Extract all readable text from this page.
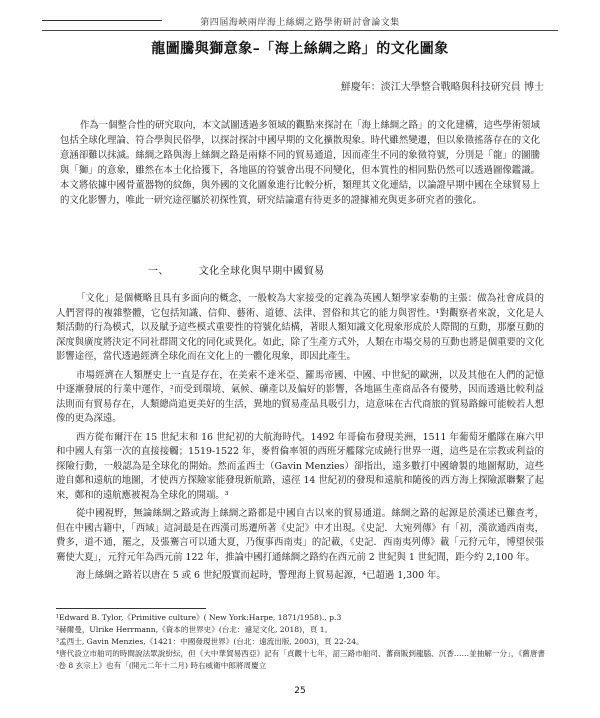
第四屆海峽兩岸海上絲綢之路學術研討會論文集
龍圖騰與獅意象–「海上絲綢之路」的文化圖象
鮮慶年：淡江大學整合戰略與科技研究員 博士

作為一個整合性的研究取向，本文試圖透過多領域的觀點來探討在「海上絲綢之路」的文化建構，這些學術領域包括全球化理論、符合學與民俗學，以探討探討中國早期的文化擴散現象。時代雖然變遷，但以象徵搖落存在的文化意涵卻難以抹滅。絲綢之路與海上絲綢之路是兩條不同的貿易通道，因而產生不同的象徵符號，分別是「龍」的圖騰與「獅」的意象，雖然在本土化拾獲下，各地區的符號會出現不同變化，但本質性的相同點仍然可以透過圖像鑑識。本文將依據中國骨董器物的紋飾，與外國的文化圖象進行比較分析，類理其文化連結，以論證早期中國在全球貿易上的文化影響力，唯此一研究途徑屬於初探性質，研究結論還有待更多的證據補充與更多研究者的強化。

一、	文化全球化與早期中國貿易

「文化」是個概略且具有多面向的概念，一般較為大家接受的定義為英國人類學家泰勒的主張：做為社會成員的人們習得的複雜整體，它包括知識、信仰、藝術、道德、法律、習俗和其它的能力與習性。¹對觀察者來說，文化是人類活動的行為模式，以及賦予這些模式重要性的符號化結構，著眼人類知識文化現象形成於人際間的互動，那麼互動的深度與廣度將決定不同社群間文化的同化或異化。如此，除了生產方式外，人類在市場交易的互動也將是個重要的文化影響途徑，當代透過經濟全球化而在文化上的一體化現象，即因此產生。

市場經濟在人類歷史上一直是存在，在美索不達米亞、羅馬帝國、中國、中世紀的歐洲，以及其他在人們的記憶中逐漸發展的行業中運作，²而受到環境、氣候、礦產以及偏好的影響，各地區生產商品各有優勢，因而透過比較利益法則而有貿易存在，人類總尚追更美好的生活，異地的貿易產品具吸引力，這意味在古代商旅的貿易路線可能較若人想像的更為深遠。

西方從布爾汗在 15 世紀末和 16 世紀初的大航海時代。1492 年哥倫布發現美洲，1511 年葡萄牙艦隊在麻六甲和中國人有第一次的直接接觸；1519-1522 年，麥哲倫率領的西班牙艦隊完成繞行世界一週，這些是在宗教或利益的探險行動，一般認為是全球化的開始。然而孟西士（Gavin Menzies）卻指出，遠多數打中國繪製的地圖幫助，這些遊自鄭和遠航的地圖，才使西方探險家能發現新航路，遠徑 14 世紀初的發現和遠航和隨後的西方海上探險派聯繫了起來，鄭和的遠航應被視為全球化的開端。³

從中國視野，無論絲綢之路或海上絲綢之路都是中國自古以來的貿易通道。絲綢之路的起源是於漢述已難查考，但在中國古籍中，「西域」這詞最是在西漢司馬遷所著《史記》中才出現。《史記．大宛列傳》有「初，漢欲通西南夷，費多，道不通，罷之，及張騫言可以通大夏，乃復事西南夷」的記載，《史記．西南夷列傳》載「元狩元年，博望侯張騫使大夏」，元狩元年為西元前 122 年，推論中國打通絲綢之路約在西元前 2 世紀與 1 世紀間，距今約 2,100 年。

海上絲綢之路若以唐在 5 或 6 世紀殷實而起時，警理海上貿易起源，⁴已超過 1,300 年。

¹Edward B. Tylor,《Primitive culture》( New York:Harpe, 1871/1958)., p.3

²赫爾曼，Ulrike Herrmann,《資本的世界史》(台北：遠足文化, 2018)，頁 1。

³孟西士, Gavin Menzies,《1421：中國發現世界》(台北：遠流出版, 2003)，頁 22-24。

⁴唐代設立市舶司的時間說法眾說紛紜，但《大中華貿易西亞》記有「貞觀十七年，詔三路市舶司、蕃商販到龍腦、沉香……並抽解一分」，《舊唐書·卷 8 玄宗上》也有「(開元二年十二月) 時右威衛中郎將周慶立

25
